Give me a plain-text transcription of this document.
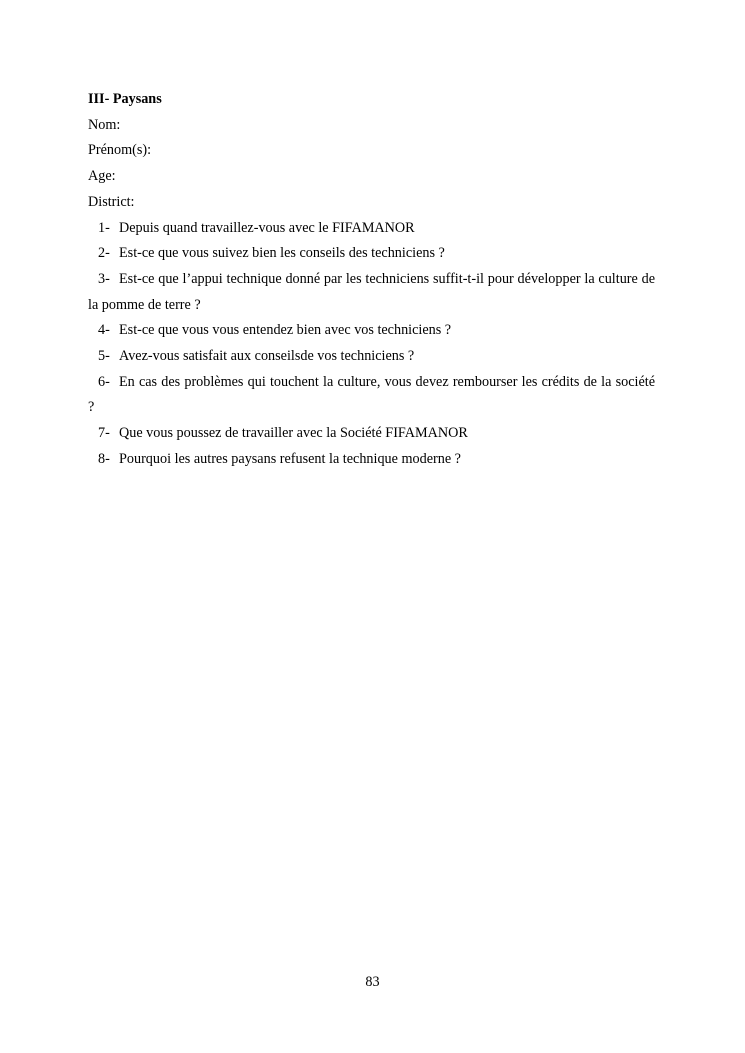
III- Paysans

Nom:

Prénom(s):

Age:

District:

1- Depuis quand travaillez-vous avec le FIFAMANOR
2- Est-ce que vous suivez bien les conseils des techniciens ?
3- Est-ce que l’appui technique donné par les techniciens suffit-t-il pour développer la culture de la pomme de terre ?
4- Est-ce que vous vous entendez bien avec vos techniciens ?
5- Avez-vous satisfait aux conseilsde vos techniciens ?
6- En cas des problèmes qui touchent la culture, vous devez rembourser les crédits de la société ?
7- Que vous poussez de travailler avec la Société FIFAMANOR
8- Pourquoi les autres paysans refusent la technique moderne ?
83
